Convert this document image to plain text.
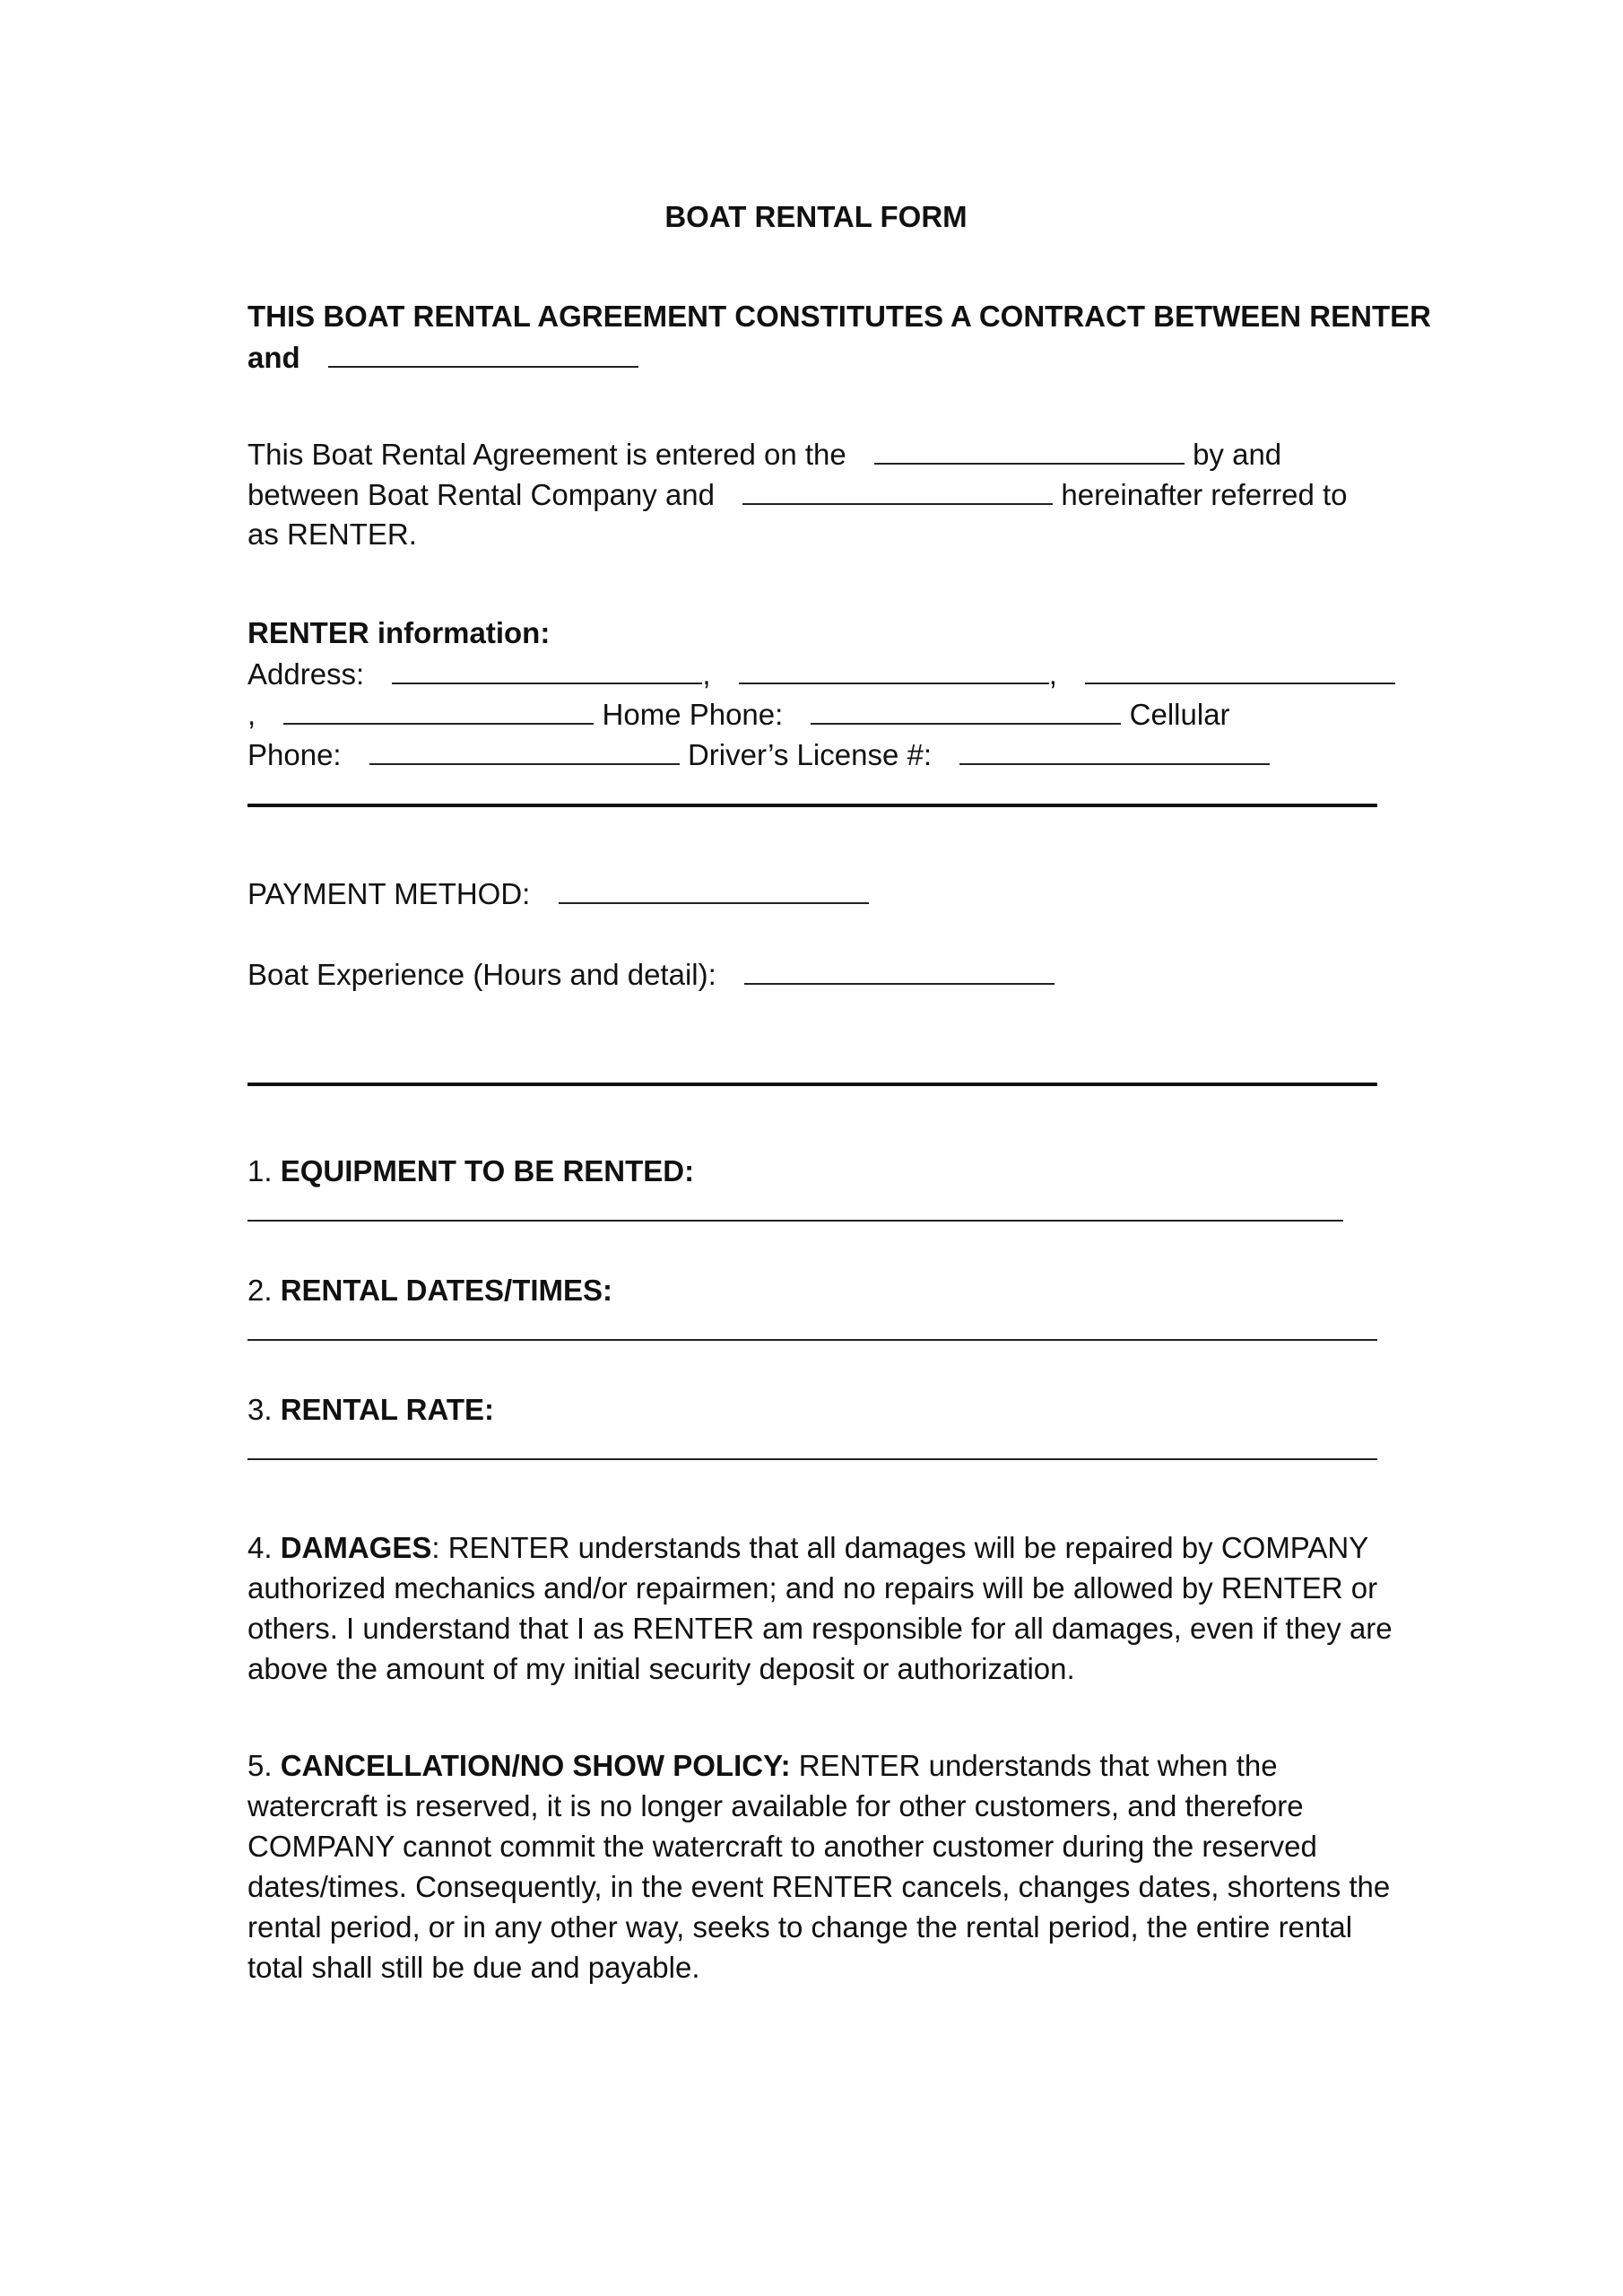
BOAT RENTAL FORM
THIS BOAT RENTAL AGREEMENT CONSTITUTES A CONTRACT BETWEEN RENTER
and
This Boat Rental Agreement is entered on the	by and
between Boat Rental Company and	hereinafter referred to
as RENTER.
RENTER information:
Address:	,	,
,	Home Phone:	Cellular
Phone:	Driver’s License #:
PAYMENT METHOD:
Boat Experience (Hours and detail):
1. EQUIPMENT TO BE RENTED:
2. RENTAL DATES/TIMES:
3. RENTAL RATE:
4. DAMAGES: RENTER understands that all damages will be repaired by COMPANY authorized mechanics and/or repairmen; and no repairs will be allowed by RENTER or others. I understand that I as RENTER am responsible for all damages, even if they are above the amount of my initial security deposit or authorization.
5. CANCELLATION/NO SHOW POLICY: RENTER understands that when the watercraft is reserved, it is no longer available for other customers, and therefore COMPANY cannot commit the watercraft to another customer during the reserved dates/times. Consequently, in the event RENTER cancels, changes dates, shortens the rental period, or in any other way, seeks to change the rental period, the entire rental total shall still be due and payable.
